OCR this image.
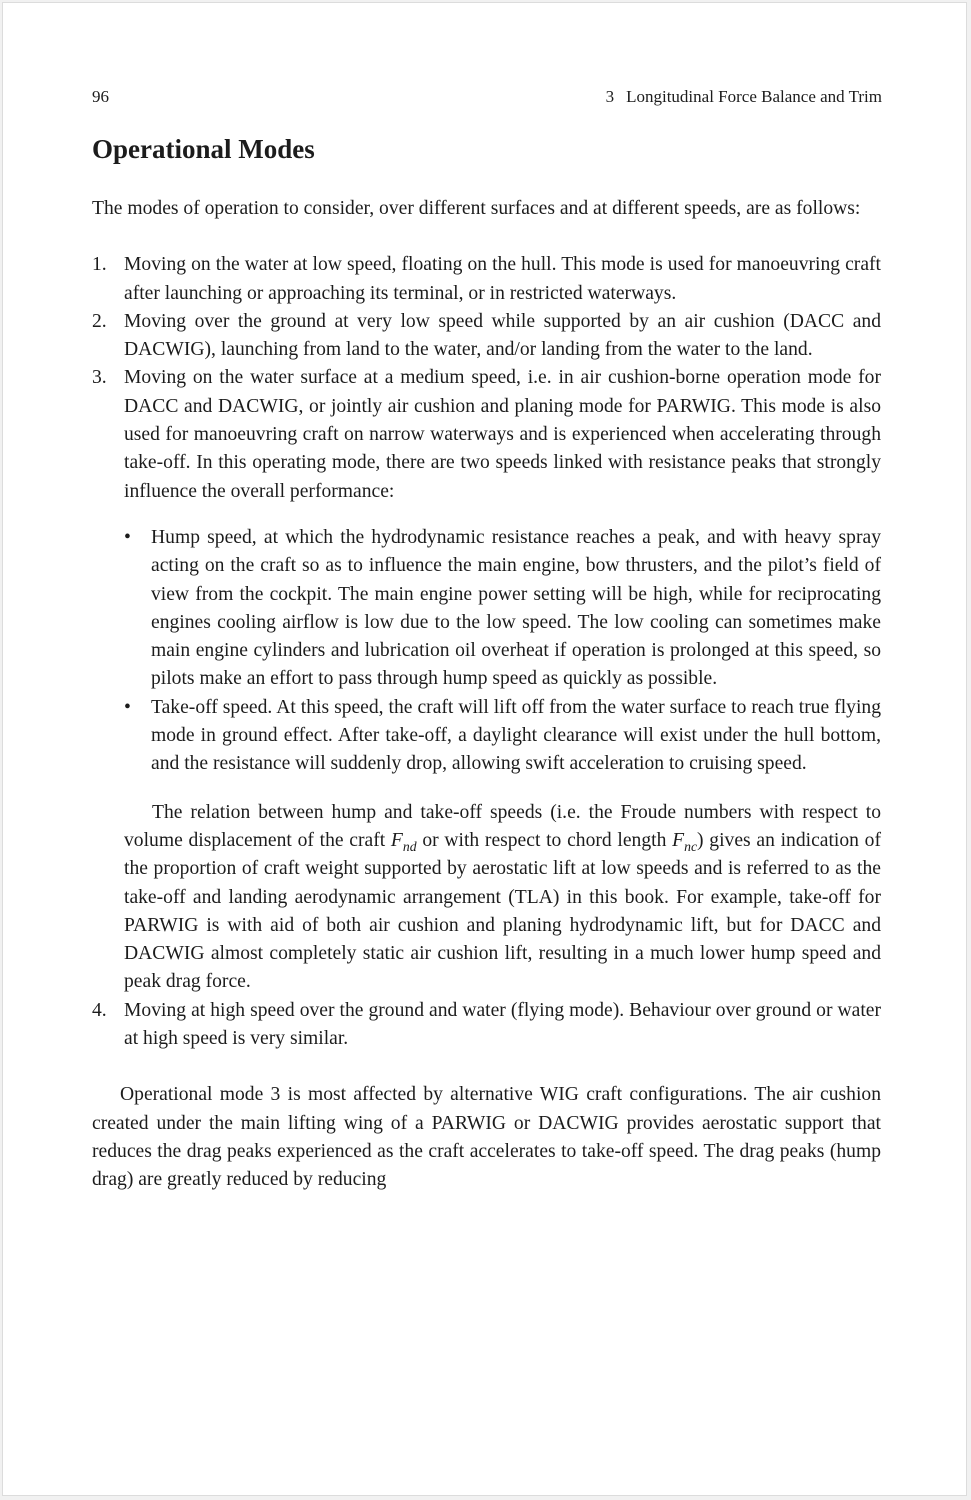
96	3 Longitudinal Force Balance and Trim
Operational Modes

The modes of operation to consider, over different surfaces and at different speeds, are as follows:

1. Moving on the water at low speed, floating on the hull. This mode is used for manoeuvring craft after launching or approaching its terminal, or in restricted waterways.
2. Moving over the ground at very low speed while supported by an air cushion (DACC and DACWIG), launching from land to the water, and/or landing from the water to the land.
3. Moving on the water surface at a medium speed, i.e. in air cushion-borne operation mode for DACC and DACWIG, or jointly air cushion and planing mode for PARWIG. This mode is also used for manoeuvring craft on narrow waterways and is experienced when accelerating through take-off. In this operating mode, there are two speeds linked with resistance peaks that strongly influence the overall performance:
• Hump speed, at which the hydrodynamic resistance reaches a peak, and with heavy spray acting on the craft so as to influence the main engine, bow thrusters, and the pilot’s field of view from the cockpit. The main engine power setting will be high, while for reciprocating engines cooling airflow is low due to the low speed. The low cooling can sometimes make main engine cylinders and lubrication oil overheat if operation is prolonged at this speed, so pilots make an effort to pass through hump speed as quickly as possible.
• Take-off speed. At this speed, the craft will lift off from the water surface to reach true flying mode in ground effect. After take-off, a daylight clearance will exist under the hull bottom, and the resistance will suddenly drop, allowing swift acceleration to cruising speed.

The relation between hump and take-off speeds (i.e. the Froude numbers with respect to volume displacement of the craft $F_{nd}$ or with respect to chord length $F_{nc}$) gives an indication of the proportion of craft weight supported by aerostatic lift at low speeds and is referred to as the take-off and landing aerodynamic arrangement (TLA) in this book. For example, take-off for PARWIG is with aid of both air cushion and planing hydrodynamic lift, but for DACC and DACWIG almost completely static air cushion lift, resulting in a much lower hump speed and peak drag force.

4. Moving at high speed over the ground and water (flying mode). Behaviour over ground or water at high speed is very similar.

Operational mode 3 is most affected by alternative WIG craft configurations. The air cushion created under the main lifting wing of a PARWIG or DACWIG provides aerostatic support that reduces the drag peaks experienced as the craft accelerates to take-off speed. The drag peaks (hump drag) are greatly reduced by reducing
